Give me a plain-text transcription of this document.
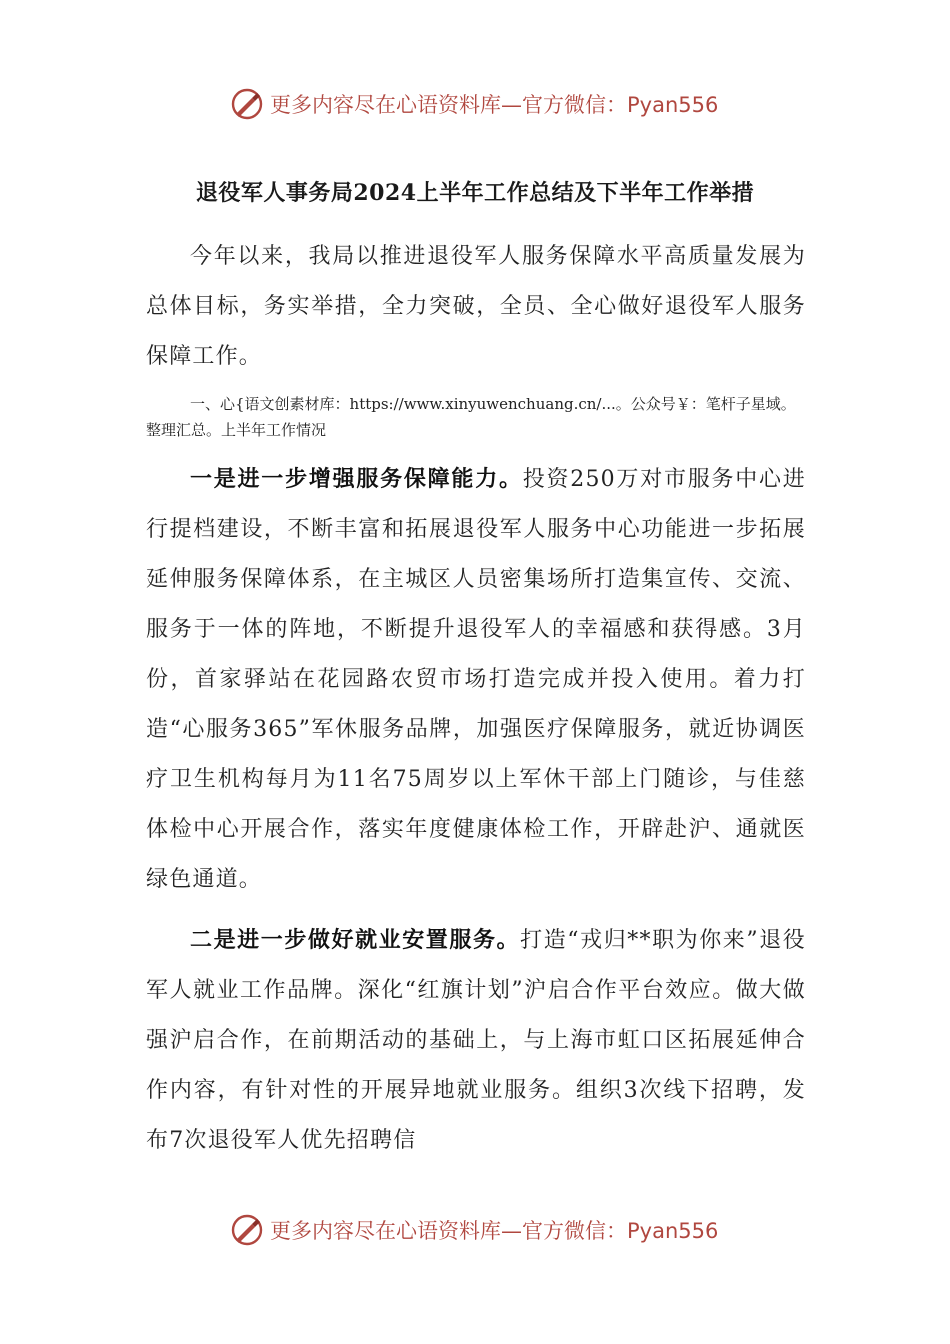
更多内容尽在心语资料库—官方微信：Pyan556
退役军人事务局2024上半年工作总结及下半年工作举措

今年以来，我局以推进退役军人服务保障水平高质量发展为总体目标，务实举措，全力突破，全员、全心做好退役军人服务保障工作。

一、心{语文创素材库：https://www.xinyuwenchuang.cn/...。公众号￥：笔杆子星域。整理汇总。上半年工作情况

一是进一步增强服务保障能力。投资250万对市服务中心进行提档建设，不断丰富和拓展退役军人服务中心功能进一步拓展延伸服务保障体系，在主城区人员密集场所打造集宣传、交流、服务于一体的阵地，不断提升退役军人的幸福感和获得感。3月份，首家驿站在花园路农贸市场打造完成并投入使用。着力打造“心服务365”军休服务品牌，加强医疗保障服务，就近协调医疗卫生机构每月为11名75周岁以上军休干部上门随诊，与佳慈体检中心开展合作，落实年度健康体检工作，开辟赴沪、通就医绿色通道。

二是进一步做好就业安置服务。打造“戎归**职为你来”退役军人就业工作品牌。深化“红旗计划”沪启合作平台效应。做大做强沪启合作，在前期活动的基础上，与上海市虹口区拓展延伸合作内容，有针对性的开展异地就业服务。组织3次线下招聘，发布7次退役军人优先招聘信

更多内容尽在心语资料库—官方微信：Pyan556
